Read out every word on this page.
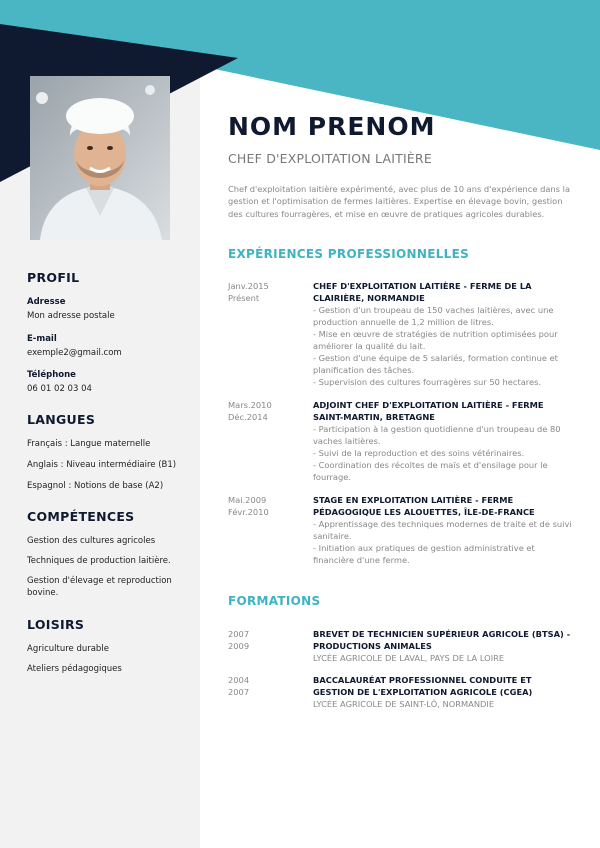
PROFIL
Adresse
Mon adresse postale
E-mail
exemple2@gmail.com
Téléphone
06 01 02 03 04
LANGUES
Français : Langue maternelle
Anglais : Niveau intermédiaire (B1)
Espagnol : Notions de base (A2)
COMPÉTENCES
Gestion des cultures agricoles
Techniques de production laitière.
Gestion d'élevage et reproduction bovine.
LOISIRS
Agriculture durable
Ateliers pédagogiques
NOM PRENOM
CHEF D'EXPLOITATION LAITIÈRE
Chef d'exploitation laitière expérimenté, avec plus de 10 ans d'expérience dans la gestion et l'optimisation de fermes laitières. Expertise en élevage bovin, gestion des cultures fourragères, et mise en œuvre de pratiques agricoles durables.
EXPÉRIENCES PROFESSIONNELLES
Janv.2015
Présent
CHEF D'EXPLOITATION LAITIÈRE - FERME DE LA CLAIRIÈRE, NORMANDIE
- Gestion d'un troupeau de 150 vaches laitières, avec une production annuelle de 1,2 million de litres.
- Mise en œuvre de stratégies de nutrition optimisées pour améliorer la qualité du lait.
- Gestion d'une équipe de 5 salariés, formation continue et planification des tâches.
- Supervision des cultures fourragères sur 50 hectares.
Mars.2010
Déc.2014
ADJOINT CHEF D'EXPLOITATION LAITIÈRE - FERME SAINT-MARTIN, BRETAGNE
- Participation à la gestion quotidienne d'un troupeau de 80 vaches laitières.
- Suivi de la reproduction et des soins vétérinaires.
- Coordination des récoltes de maïs et d'ensilage pour le fourrage.
Mai.2009
Févr.2010
STAGE EN EXPLOITATION LAITIÈRE - FERME PÉDAGOGIQUE LES ALOUETTES, ÎLE-DE-FRANCE
- Apprentissage des techniques modernes de traite et de suivi sanitaire.
- Initiation aux pratiques de gestion administrative et financière d'une ferme.
FORMATIONS
2007
2009
BREVET DE TECHNICIEN SUPÉRIEUR AGRICOLE (BTSA) - PRODUCTIONS ANIMALES
LYCÉE AGRICOLE DE LAVAL, PAYS DE LA LOIRE
2004
2007
BACCALAURÉAT PROFESSIONNEL CONDUITE ET GESTION DE L'EXPLOITATION AGRICOLE (CGEA)
LYCÉE AGRICOLE DE SAINT-LÔ, NORMANDIE
